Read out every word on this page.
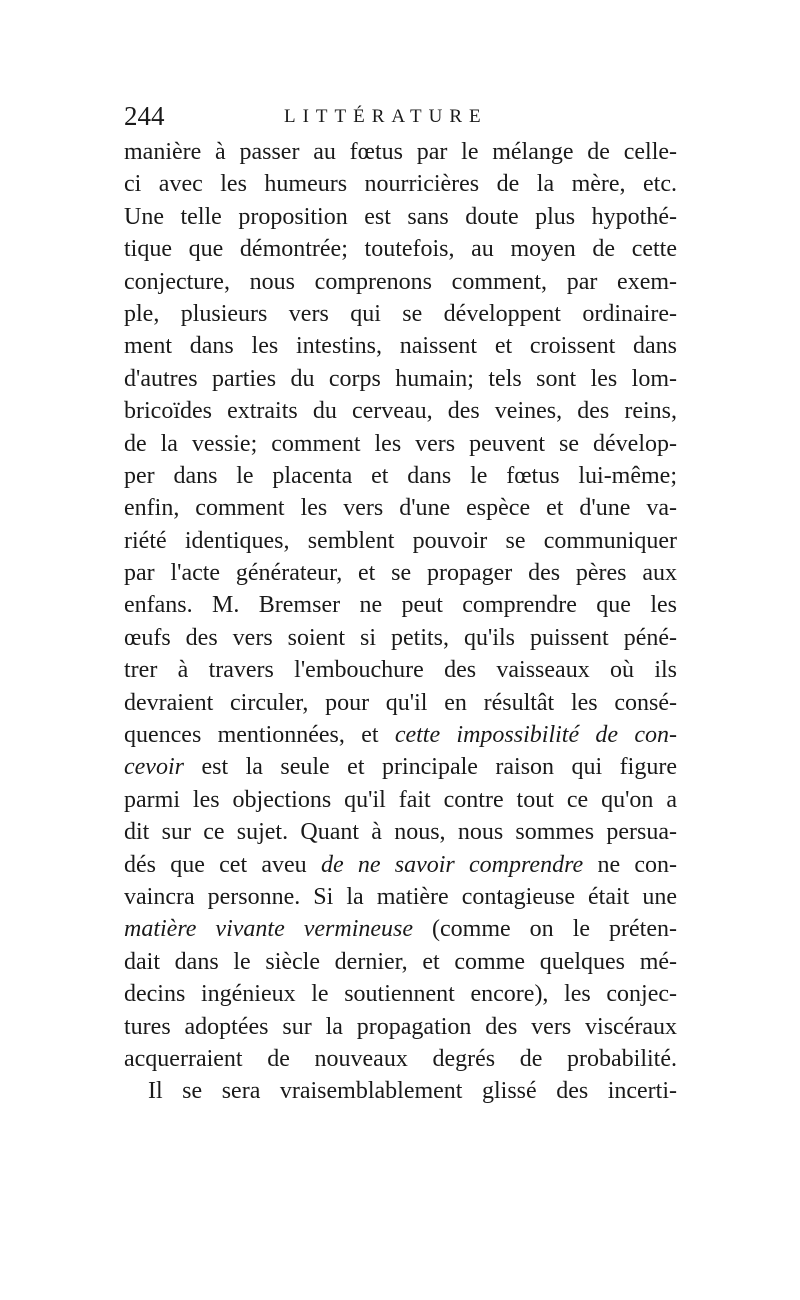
244	LITTÉRATURE
manière à passer au fœtus par le mélange de celle-
ci avec les humeurs nourricières de la mère, etc.
Une telle proposition est sans doute plus hypothé-
tique que démontrée; toutefois, au moyen de cette
conjecture, nous comprenons comment, par exem-
ple, plusieurs vers qui se développent ordinaire-
ment dans les intestins, naissent et croissent dans
d'autres parties du corps humain; tels sont les lom-
bricoïdes extraits du cerveau, des veines, des reins,
de la vessie; comment les vers peuvent se dévelop-
per dans le placenta et dans le fœtus lui-même;
enfin, comment les vers d'une espèce et d'une va-
riété identiques, semblent pouvoir se communiquer
par l'acte générateur, et se propager des pères aux
enfans. M. Bremser ne peut comprendre que les
œufs des vers soient si petits, qu'ils puissent péné-
trer à travers l'embouchure des vaisseaux où ils
devraient circuler, pour qu'il en résultât les consé-
quences mentionnées, et cette impossibilité de con-
cevoir est la seule et principale raison qui figure
parmi les objections qu'il fait contre tout ce qu'on a
dit sur ce sujet. Quant à nous, nous sommes persua-
dés que cet aveu de ne savoir comprendre ne con-
vaincra personne. Si la matière contagieuse était une
matière vivante vermineuse (comme on le préten-
dait dans le siècle dernier, et comme quelques mé-
decins ingénieux le soutiennent encore), les conjec-
tures adoptées sur la propagation des vers viscéraux
acquerraient de nouveaux degrés de probabilité.
Il se sera vraisemblablement glissé des incerti-
